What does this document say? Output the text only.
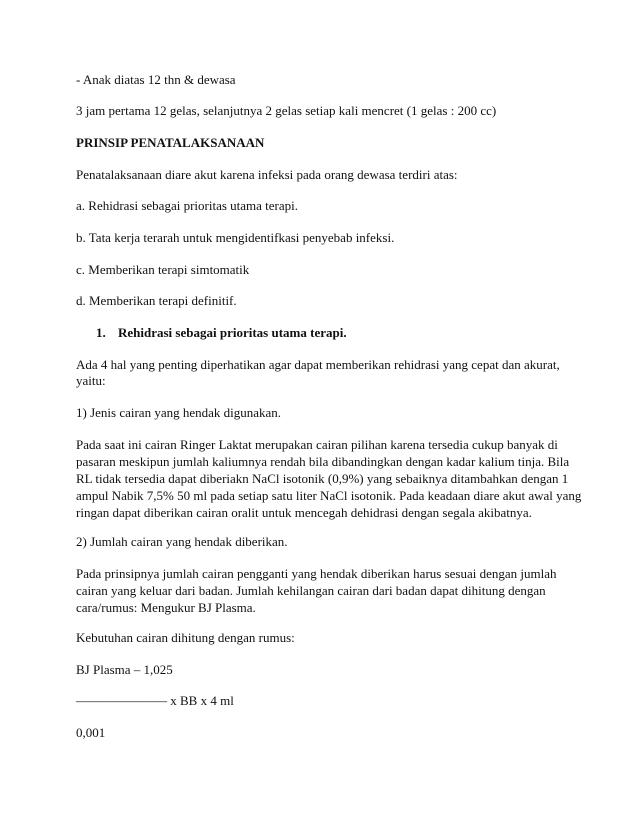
- Anak diatas 12 thn & dewasa
3 jam pertama 12 gelas, selanjutnya 2 gelas setiap kali mencret (1 gelas : 200 cc)
PRINSIP PENATALAKSANAAN
Penatalaksanaan diare akut karena infeksi pada orang dewasa terdiri atas:
a. Rehidrasi sebagai prioritas utama terapi.
b. Tata kerja terarah untuk mengidentifkasi penyebab infeksi.
c. Memberikan terapi simtomatik
d. Memberikan terapi definitif.
1. Rehidrasi sebagai prioritas utama terapi.
Ada 4 hal yang penting diperhatikan agar dapat memberikan rehidrasi yang cepat dan akurat,
yaitu:
1) Jenis cairan yang hendak digunakan.
Pada saat ini cairan Ringer Laktat merupakan cairan pilihan karena tersedia cukup banyak di
pasaran meskipun jumlah kaliumnya rendah bila dibandingkan dengan kadar kalium tinja. Bila
RL tidak tersedia dapat diberiakn NaCl isotonik (0,9%) yang sebaiknya ditambahkan dengan 1
ampul Nabik 7,5% 50 ml pada setiap satu liter NaCl isotonik. Pada keadaan diare akut awal yang
ringan dapat diberikan cairan oralit untuk mencegah dehidrasi dengan segala akibatnya.
2) Jumlah cairan yang hendak diberikan.
Pada prinsipnya jumlah cairan pengganti yang hendak diberikan harus sesuai dengan jumlah
cairan yang keluar dari badan. Jumlah kehilangan cairan dari badan dapat dihitung dengan
cara/rumus: Mengukur BJ Plasma.
Kebutuhan cairan dihitung dengan rumus:
BJ Plasma – 1,025
——————— x BB x 4 ml
0,001
